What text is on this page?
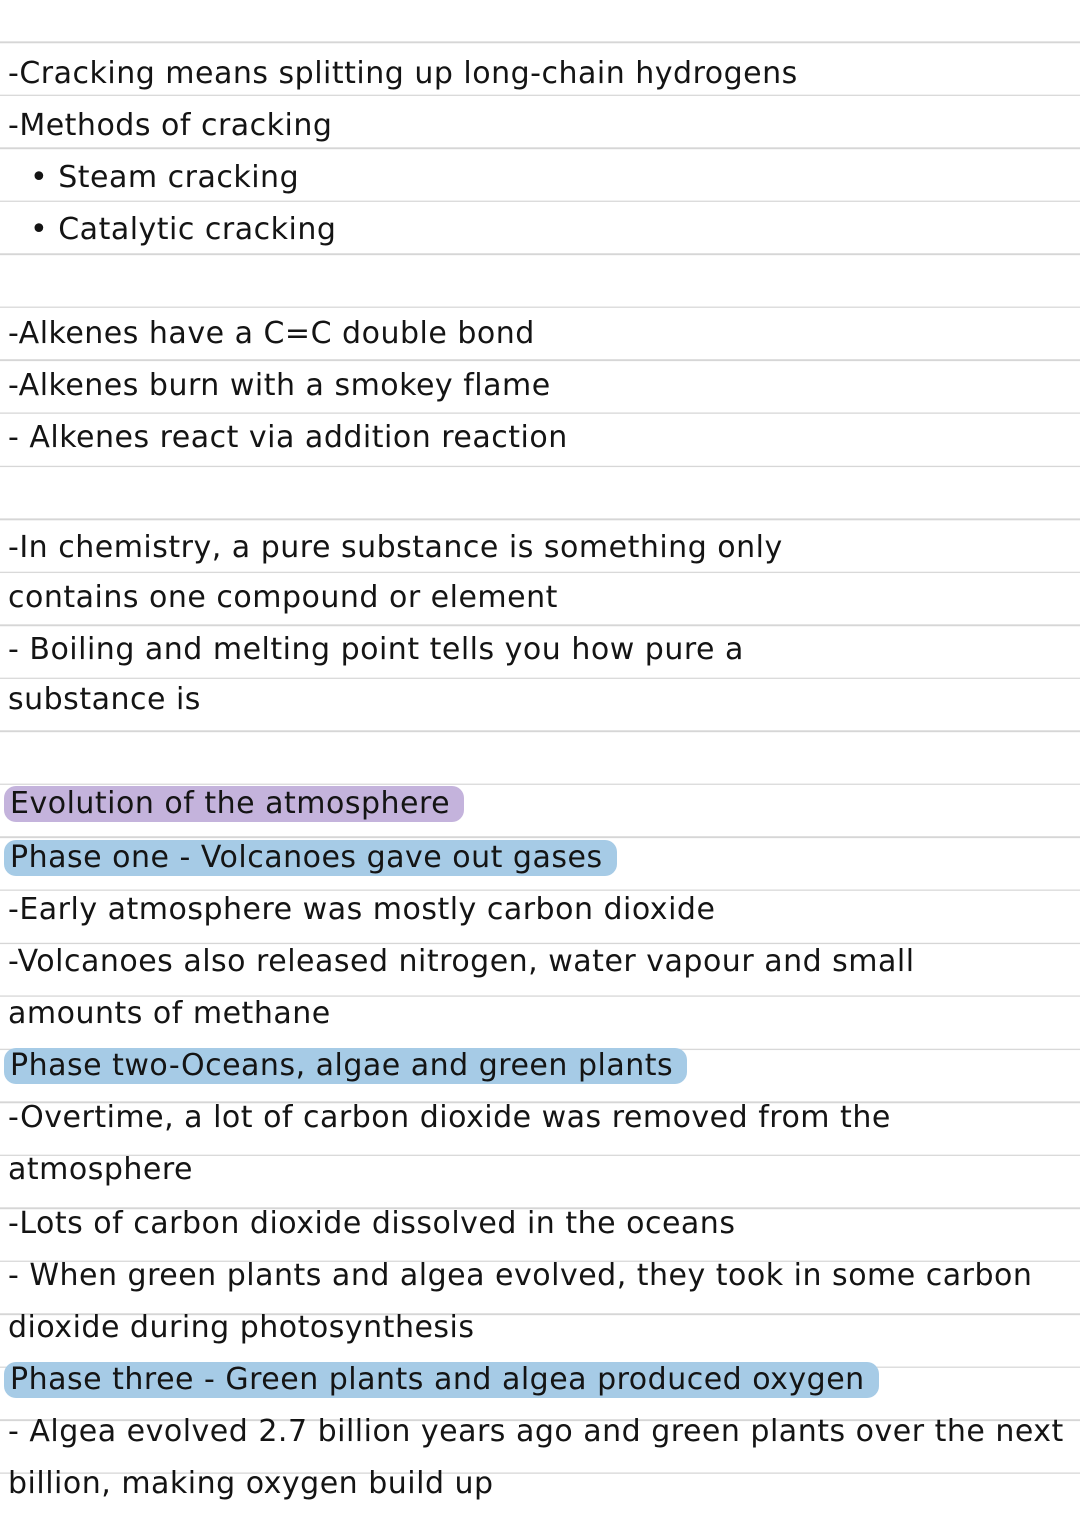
-Cracking means splitting up long-chain hydrogens
-Methods of cracking
• Steam cracking
• Catalytic cracking
-Alkenes have a C=C double bond
-Alkenes burn with a smokey flame
- Alkenes react via addition reaction
-In chemistry, a pure substance is something only
contains one compound or element
- Boiling and melting point tells you how pure a
substance is
Evolution of the atmosphere
Phase one - Volcanoes gave out gases
-Early atmosphere was mostly carbon dioxide
-Volcanoes also released nitrogen, water vapour and small
amounts of methane
Phase two-Oceans, algae and green plants
-Overtime, a lot of carbon dioxide was removed from the
atmosphere
-Lots of carbon dioxide dissolved in the oceans
- When green plants and algea evolved, they took in some carbon
dioxide during photosynthesis
Phase three - Green plants and algea produced oxygen
- Algea evolved 2.7 billion years ago and green plants over the next
billion, making oxygen build up
